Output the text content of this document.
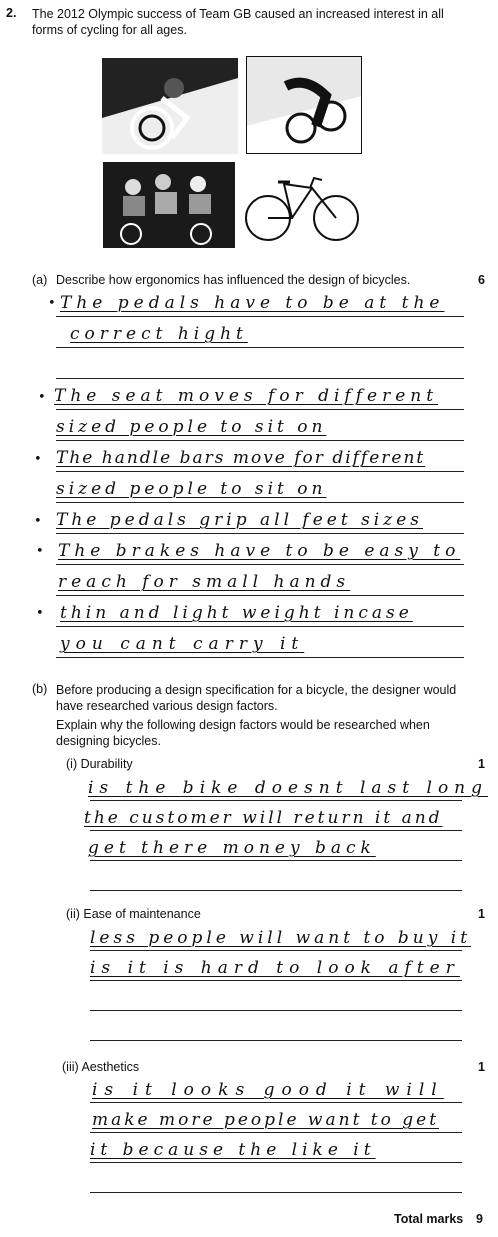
2. The 2012 Olympic success of Team GB caused an increased interest in all forms of cycling for all ages.
(a) Describe how ergonomics has influenced the design of bicycles.	6
• The pedals have to be at the
correct hight
• The seat moves for different
sized people to sit on
• The handle bars move for different
sized people to sit on
• The pedals grip all feet sizes
• The brakes have to be easy to
reach for small hands
• thin and light weight incase
you cant carry it
(b) Before producing a design specification for a bicycle, the designer would have researched various design factors.
Explain why the following design factors would be researched when designing bicycles.
(i) Durability	1
is the bike doesnt last long
the customer will return it and
get there money back
(ii) Ease of maintenance	1
less people will want to buy it
is it is hard to look after
(iii) Aesthetics	1
is it looks good it will
make more people want to get
it because the like it
Total marks 9
